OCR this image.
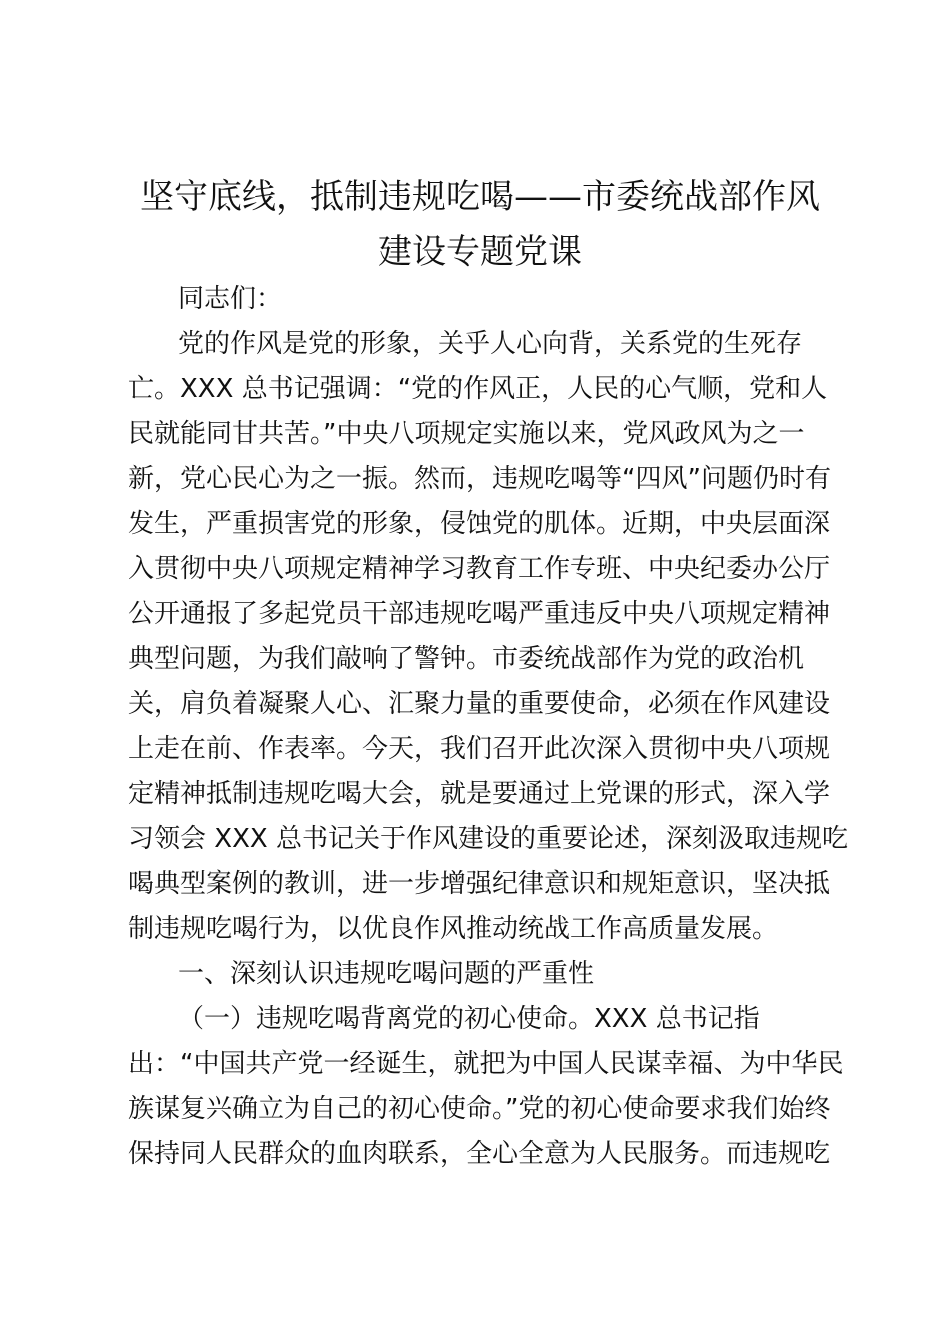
坚守底线，抵制违规吃喝——市委统战部作风
建设专题党课
同志们：
党的作风是党的形象，关乎人心向背，关系党的生死存
亡。XXX 总书记强调：“党的作风正，人民的心气顺，党和人
民就能同甘共苦。”中央八项规定实施以来，党风政风为之一
新，党心民心为之一振。然而，违规吃喝等“四风”问题仍时有
发生，严重损害党的形象，侵蚀党的肌体。近期，中央层面深
入贯彻中央八项规定精神学习教育工作专班、中央纪委办公厅
公开通报了多起党员干部违规吃喝严重违反中央八项规定精神
典型问题，为我们敲响了警钟。市委统战部作为党的政治机
关，肩负着凝聚人心、汇聚力量的重要使命，必须在作风建设
上走在前、作表率。今天，我们召开此次深入贯彻中央八项规
定精神抵制违规吃喝大会，就是要通过上党课的形式，深入学
习领会 XXX 总书记关于作风建设的重要论述，深刻汲取违规吃
喝典型案例的教训，进一步增强纪律意识和规矩意识，坚决抵
制违规吃喝行为，以优良作风推动统战工作高质量发展。
一、深刻认识违规吃喝问题的严重性
（一）违规吃喝背离党的初心使命。XXX 总书记指
出：“中国共产党一经诞生，就把为中国人民谋幸福、为中华民
族谋复兴确立为自己的初心使命。”党的初心使命要求我们始终
保持同人民群众的血肉联系，全心全意为人民服务。而违规吃
